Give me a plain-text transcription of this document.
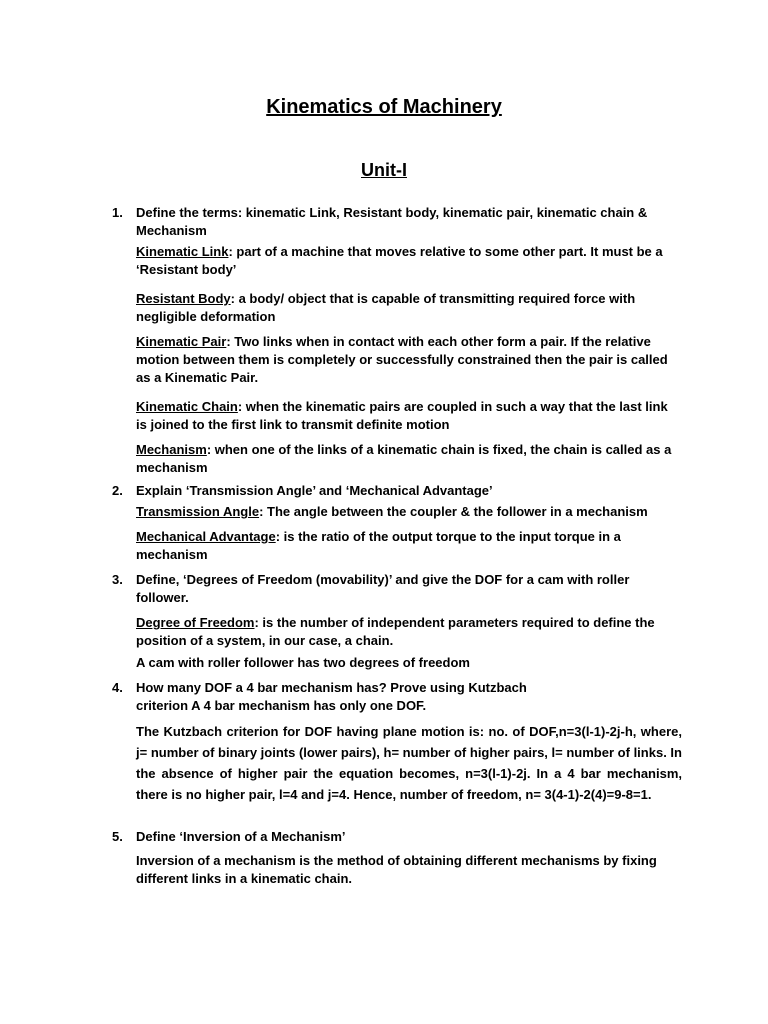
Kinematics of Machinery
Unit-I
1.	Define the terms: kinematic Link, Resistant body, kinematic pair, kinematic chain & Mechanism
Kinematic Link: part of a machine that moves relative to some other part. It must be a ‘Resistant body’
Resistant Body: a body/ object that is capable of transmitting required force with negligible deformation
Kinematic Pair: Two links when in contact with each other form a pair. If the relative motion between them is completely or successfully constrained then the pair is called as a Kinematic Pair.
Kinematic Chain: when the kinematic pairs are coupled in such a way that the last link is joined to the first link to transmit definite motion
Mechanism: when one of the links of a kinematic chain is fixed, the chain is called as a mechanism
2.	Explain ‘Transmission Angle’ and ‘Mechanical Advantage’
Transmission Angle: The angle between the coupler & the follower in a mechanism
Mechanical Advantage: is the ratio of the output torque to the input torque in a mechanism
3.	Define, ‘Degrees of Freedom (movability)’ and give the DOF for a cam with roller follower.
Degree of Freedom: is the number of independent parameters required to define the position of a system, in our case, a chain.
A cam with roller follower has two degrees of freedom
4.	How many DOF a 4 bar mechanism has? Prove using Kutzbach
criterion A 4 bar mechanism has only one DOF.
The Kutzbach criterion for DOF having plane motion is: no. of DOF,n=3(l-1)-2j-h, where, j= number of binary joints (lower pairs), h= number of higher pairs, l= number of links. In the absence of higher pair the equation becomes, n=3(l-1)-2j. In a 4 bar mechanism, there is no higher pair, l=4 and j=4. Hence, number of freedom, n= 3(4-1)-2(4)=9-8=1.
5.	Define ‘Inversion of a Mechanism’
Inversion of a mechanism is the method of obtaining different mechanisms by fixing different links in a kinematic chain.
